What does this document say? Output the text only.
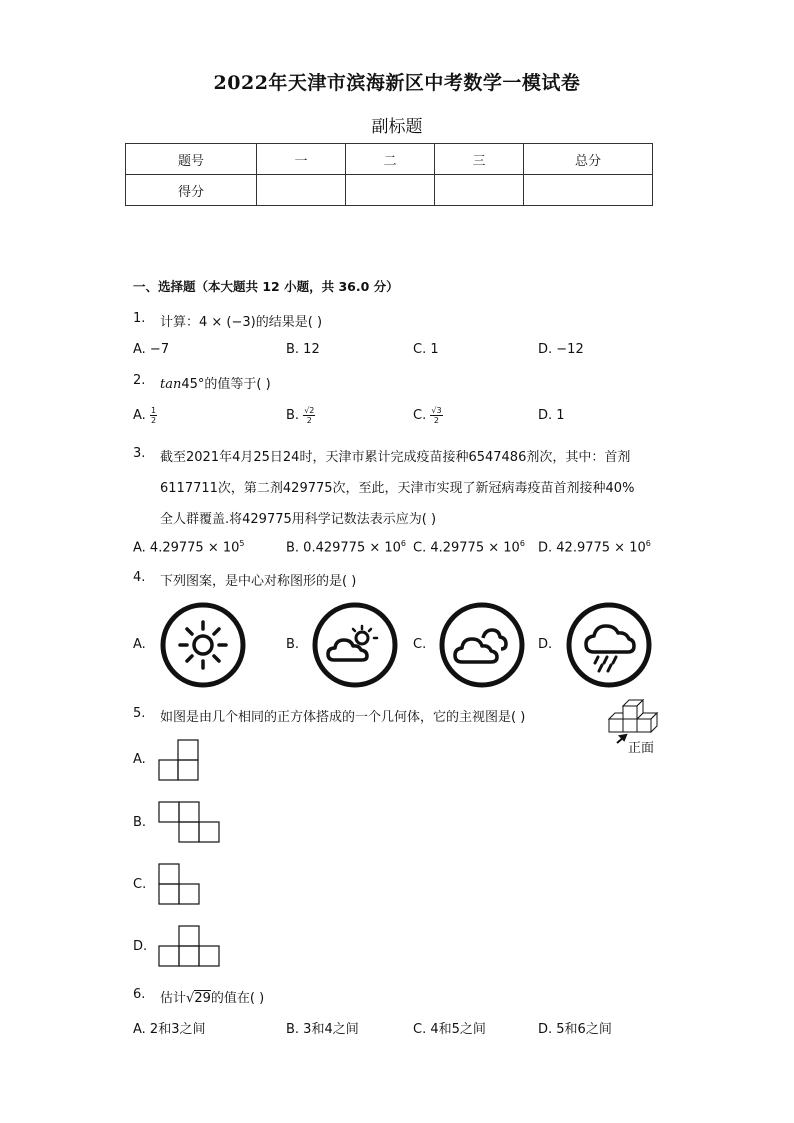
2022年天津市滨海新区中考数学一模试卷
副标题
题号	一	二	三	总分
得分				
一、选择题（本大题共 12 小题，共 36.0 分）
1. 计算：4 × (−3)的结果是( )
A. −7	B. 12	C. 1	D. −12
2. tan45°的值等于( )
A. $\frac{1}{2}$	B. $\frac{√2}{2}$	C. $\frac{√3}{2}$	D. 1
3. 截至2021年4月25日24时，天津市累计完成疫苗接种6547486剂次，其中：首剂
6117711次，第二剂429775次，至此，天津市实现了新冠病毒疫苗首剂接种40%
全人群覆盖.将429775用科学记数法表示应为( )
A. $4.29775 \times 10^5$	B. $0.429775 \times 10^6$ C. $4.29775 \times 10^6$ D. $42.9775 \times 10^6$
4. 下列图案，是中心对称图形的是( )
A.	B.	C.	D.
5. 如图是由几个相同的正方体搭成的一个几何体，它的主视图是( )
正面
A.
B.
C.
D.
6. 估计√29的值在( )
A. 2和3之间	B. 3和4之间	C. 4和5之间	D. 5和6之间
